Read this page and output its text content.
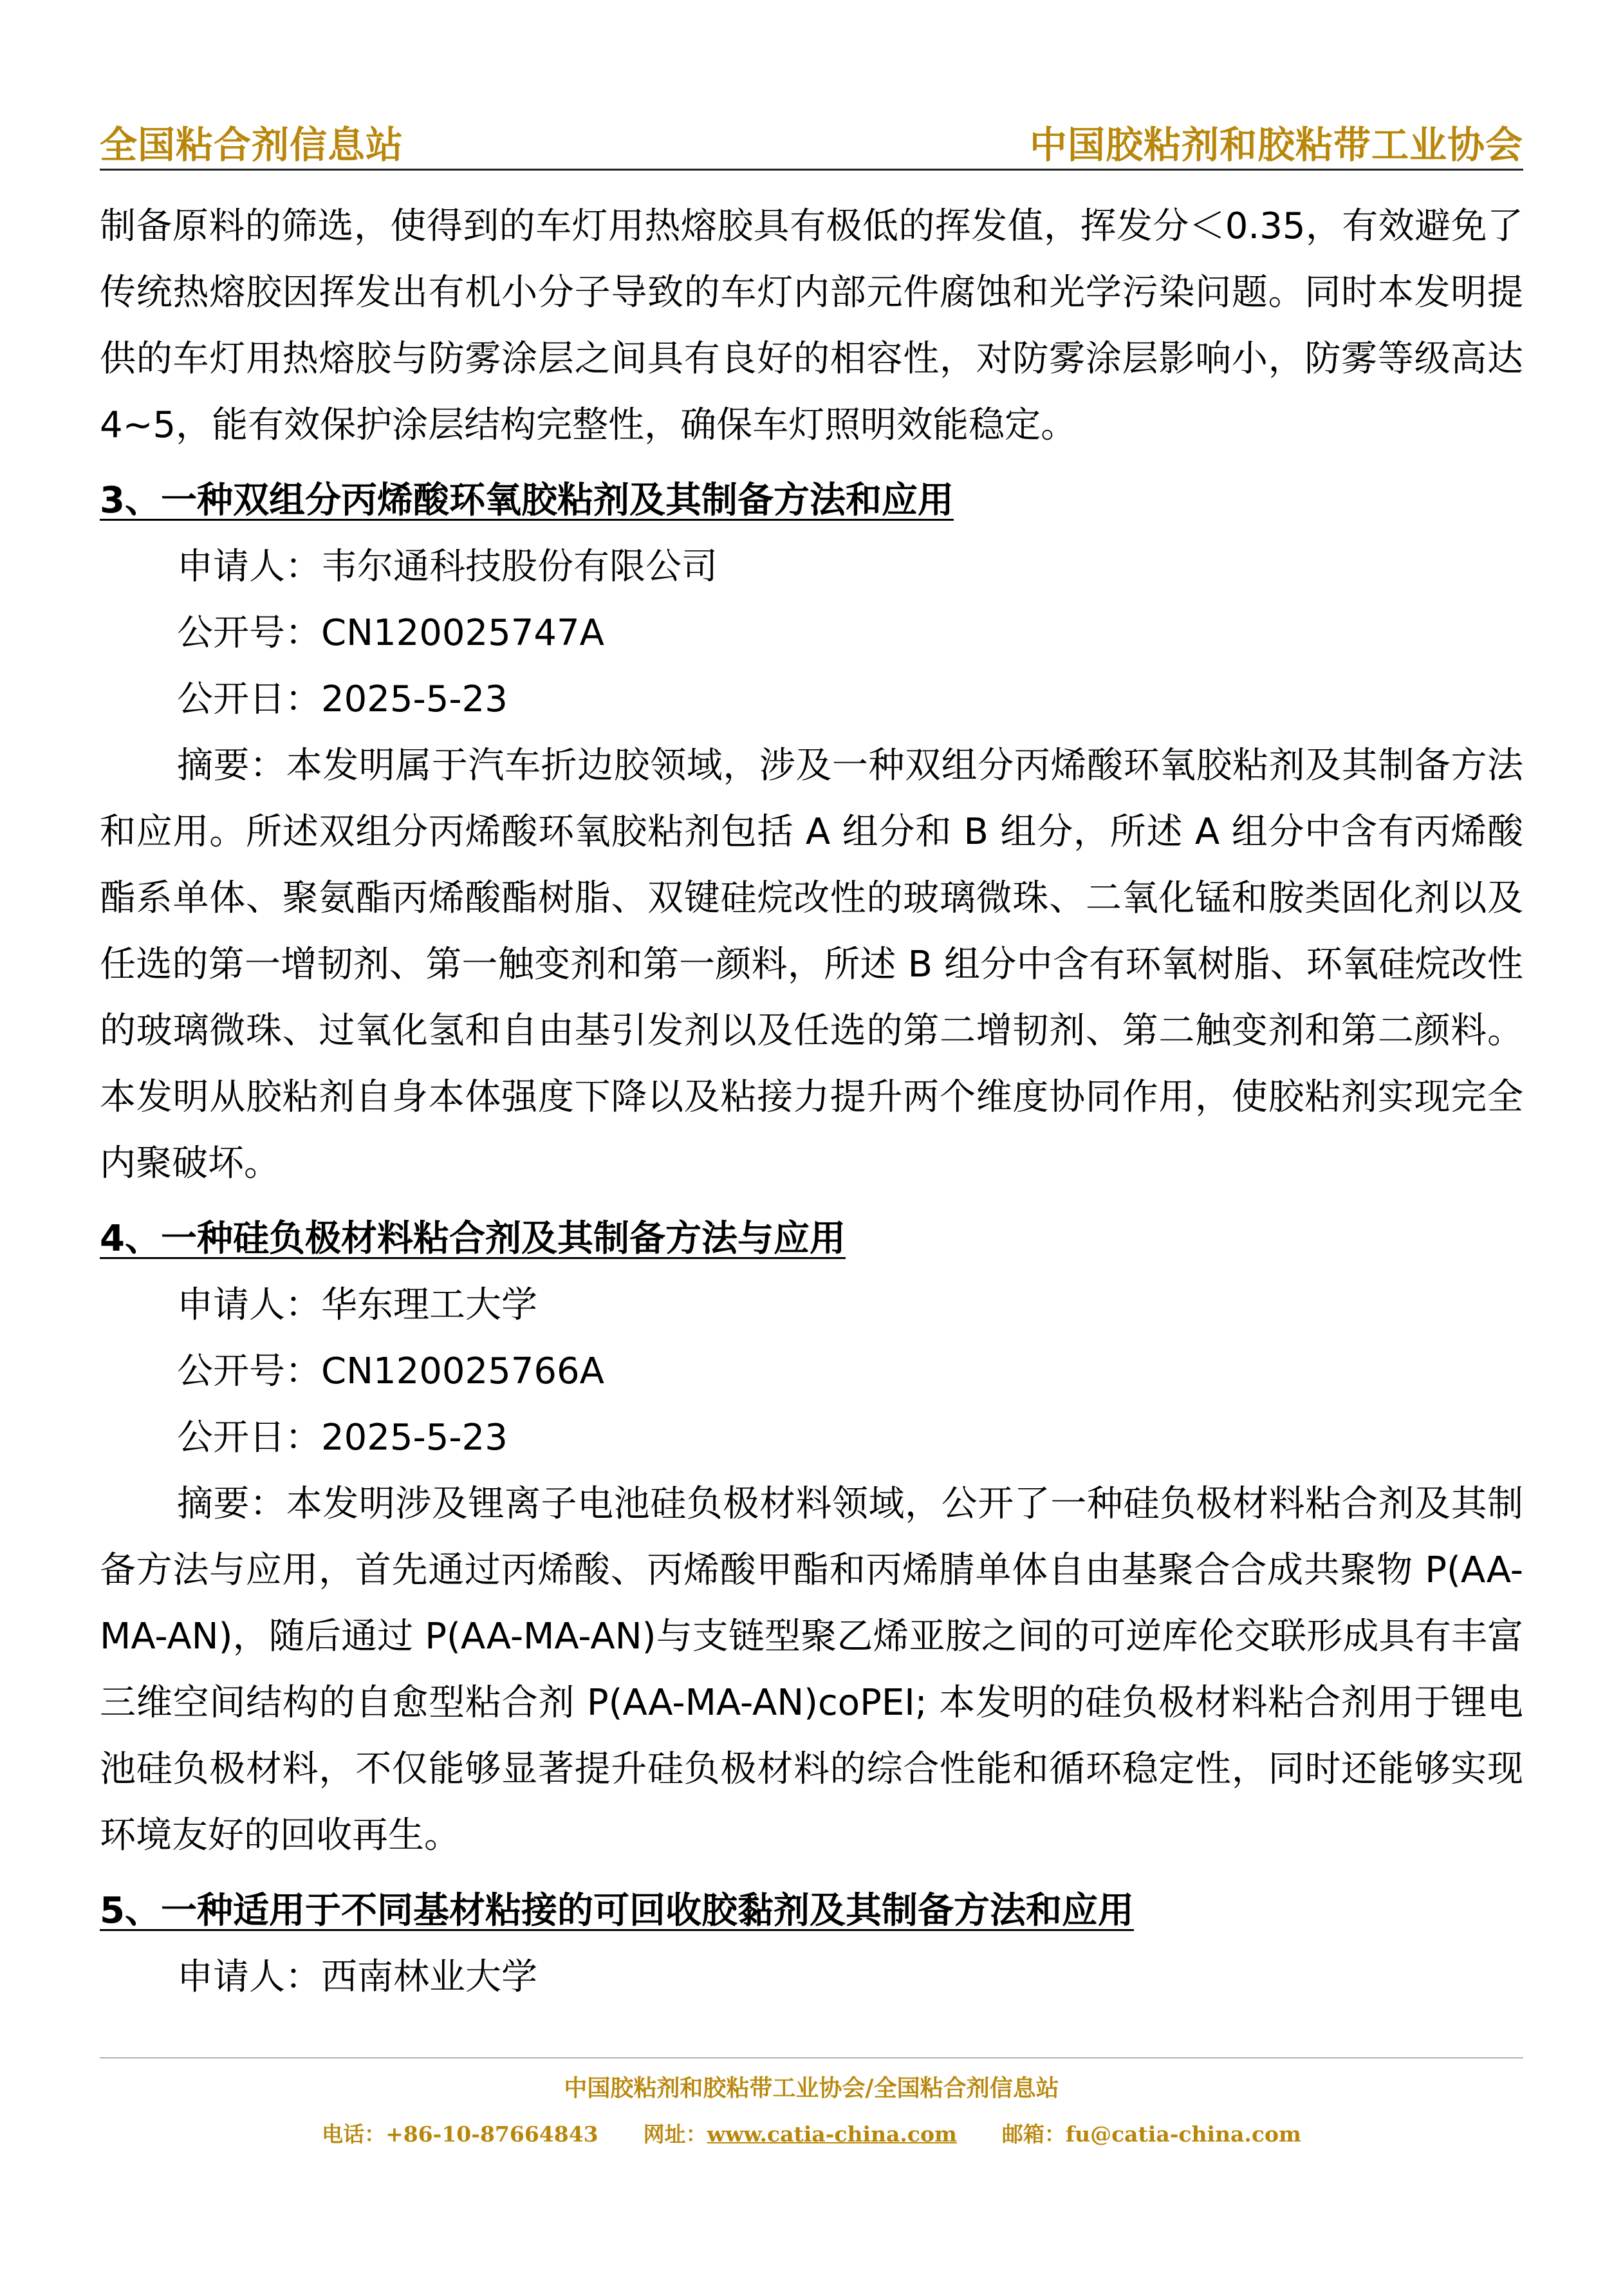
全国粘合剂信息站	中国胶粘剂和胶粘带工业协会

制备原料的筛选，使得到的车灯用热熔胶具有极低的挥发值，挥发分＜0.35，有效避免了传统热熔胶因挥发出有机小分子导致的车灯内部元件腐蚀和光学污染问题。同时本发明提供的车灯用热熔胶与防雾涂层之间具有良好的相容性，对防雾涂层影响小，防雾等级高达 4~5，能有效保护涂层结构完整性，确保车灯照明效能稳定。

3、一种双组分丙烯酸环氧胶粘剂及其制备方法和应用

申请人：韦尔通科技股份有限公司

公开号：CN120025747A

公开日：2025-5-23

摘要：本发明属于汽车折边胶领域，涉及一种双组分丙烯酸环氧胶粘剂及其制备方法和应用。所述双组分丙烯酸环氧胶粘剂包括 A 组分和 B 组分，所述 A 组分中含有丙烯酸酯系单体、聚氨酯丙烯酸酯树脂、双键硅烷改性的玻璃微珠、二氧化锰和胺类固化剂以及任选的第一增韧剂、第一触变剂和第一颜料，所述 B 组分中含有环氧树脂、环氧硅烷改性的玻璃微珠、过氧化氢和自由基引发剂以及任选的第二增韧剂、第二触变剂和第二颜料。本发明从胶粘剂自身本体强度下降以及粘接力提升两个维度协同作用，使胶粘剂实现完全内聚破坏。

4、一种硅负极材料粘合剂及其制备方法与应用

申请人：华东理工大学

公开号：CN120025766A

公开日：2025-5-23

摘要：本发明涉及锂离子电池硅负极材料领域，公开了一种硅负极材料粘合剂及其制备方法与应用，首先通过丙烯酸、丙烯酸甲酯和丙烯腈单体自由基聚合合成共聚物 P(AA-MA-AN)，随后通过 P(AA-MA-AN)与支链型聚乙烯亚胺之间的可逆库伦交联形成具有丰富三维空间结构的自愈型粘合剂 P(AA-MA-AN)coPEI; 本发明的硅负极材料粘合剂用于锂电池硅负极材料，不仅能够显著提升硅负极材料的综合性能和循环稳定性，同时还能够实现环境友好的回收再生。

5、一种适用于不同基材粘接的可回收胶黏剂及其制备方法和应用

申请人：西南林业大学

中国胶粘剂和胶粘带工业协会/全国粘合剂信息站
电话：+86-10-87664843 网址：www.catia-china.com 邮箱：fu@catia-china.com
